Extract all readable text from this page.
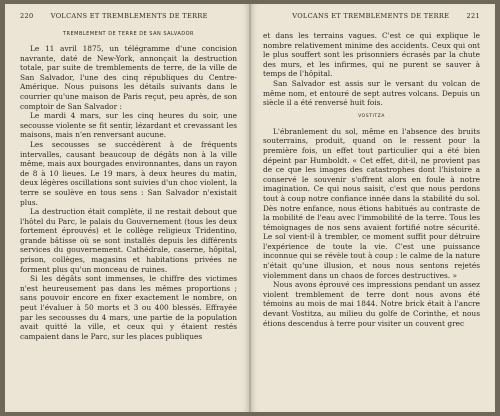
220	VOLCANS ET TREMBLEMENTS DE TERRE
TREMBLEMENT DE TERRE DE SAN SALVADOR

Le 11 avril 1875, un télégramme d'une concision navrante, daté de New-York, annonçait la destruction totale, par suite de tremblements de terre, de la ville de San Salvador, l'une des cinq républiques du Centre-Amérique. Nous puisons les détails suivants dans le courrier qu'une maison de Paris reçut, peu après, de son comptoir de San Salvador :

Le mardi 4 mars, sur les cinq heures du soir, une secousse violente se fit sentir, lézardant et crevassant les maisons, mais n'en renversant aucune.

Les secousses se succédèrent à de fréquents intervalles, causant beaucoup de dégâts non à la ville même, mais aux bourgades environnantes, dans un rayon de 8 à 10 lieues. Le 19 mars, à deux heures du matin, deux légères oscillations sont suivies d'un choc violent, la terre se soulève en tous sens : San Salvador n'existait plus.

La destruction était complète, il ne restait debout que l'hôtel du Parc, le palais du Gouvernement (tous les deux fortement éprouvés) et le collège religieux Tridentino, grande bâtisse où se sont installés depuis les différents services du gouvernement. Cathédrale, caserne, hôpital, prison, collèges, magasins et habitations privées ne forment plus qu'un monceau de ruines.

Si les dégâts sont immenses, le chiffre des victimes n'est heureusement pas dans les mêmes proportions ; sans pouvoir encore en fixer exactement le nombre, on peut l'évaluer à 50 morts et 3 ou 400 blessés. Effrayée par les secousses du 4 mars, une partie de la population avait quitté la ville, et ceux qui y étaient restés campaient dans le Parc, sur les places publiques

VOLCANS ET TREMBLEMENTS DE TERRE	221

et dans les terrains vagues. C'est ce qui explique le nombre relativement minime des accidents. Ceux qui ont le plus souffert sont les prisonniers écrasés par la chute des murs, et les infirmes, qui ne purent se sauver à temps de l'hôpital.

San Salvador est assis sur le versant du volcan de même nom, et entouré de sept autres volcans. Depuis un siècle il a été renversé huit fois.

VOSTITZA

L'ébranlement du sol, même en l'absence des bruits souterrains, produit, quand on le ressent pour la première fois, un effet tout particulier qui a été bien dépeint par Humboldt. « Cet effet, dit-il, ne provient pas de ce que les images des catastrophes dont l'histoire a conservé le souvenir s'offrent alors en foule à notre imagination. Ce qui nous saisit, c'est que nous perdons tout à coup notre confiance innée dans la stabilité du sol. Dès notre enfance, nous étions habitués au contraste de la mobilité de l'eau avec l'immobilité de la terre. Tous les témoignages de nos sens avaient fortifié notre sécurité. Le sol vient-il à trembler, ce moment suffit pour détruire l'expérience de toute la vie. C'est une puissance inconnue qui se révèle tout à coup : le calme de la nature n'était qu'une illusion, et nous nous sentons rejetés violemment dans un chaos de forces destructives. »

Nous avons éprouvé ces impressions pendant un assez violent tremblement de terre dont nous avons été témoins au mois de mai 1844. Notre brick était à l'ancre devant Vostitza, au milieu du golfe de Corinthe, et nous étions descendus à terre pour visiter un couvent grec
